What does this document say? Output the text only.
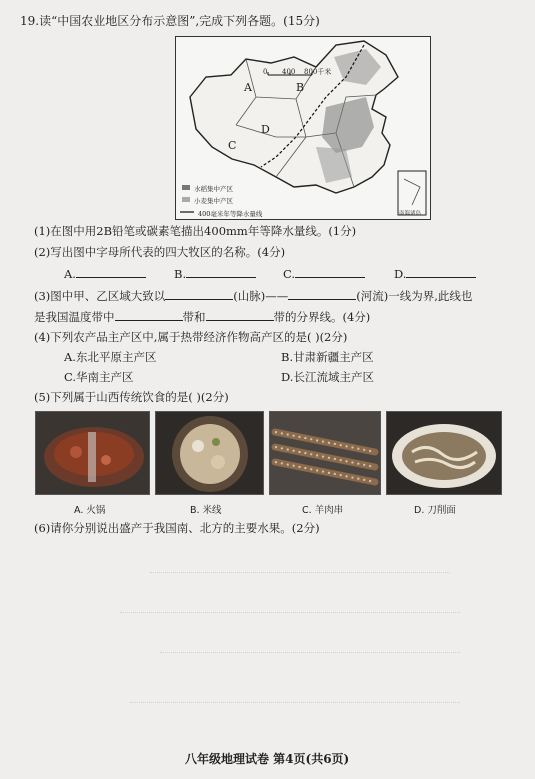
19.读“中国农业地区分布示意图”,完成下列各题。(15分)
0 400 800千米
A	B
C
D
水稻集中产区
小麦集中产区
400毫米年等降水量线	南海诸岛
(1)在图中用2B铅笔或碳素笔描出400mm年等降水量线。(1分)
(2)写出图中字母所代表的四大牧区的名称。(4分)
A.	B.	C.	D.
(3)图中甲、乙区域大致以	(山脉)——	(河流)一线为界,此线也
是我国温度带中	带和	带的分界线。(4分)
(4)下列农产品主产区中,属于热带经济作物高产区的是( )(2分)
A.东北平原主产区	B.甘肃新疆主产区
C.华南主产区	D.长江流域主产区
(5)下列属于山西传统饮食的是( )(2分)
A. 火锅	B. 米线	C. 羊肉串	D. 刀削面
(6)请你分别说出盛产于我国南、北方的主要水果。(2分)
八年级地理试卷 第4页(共6页)
